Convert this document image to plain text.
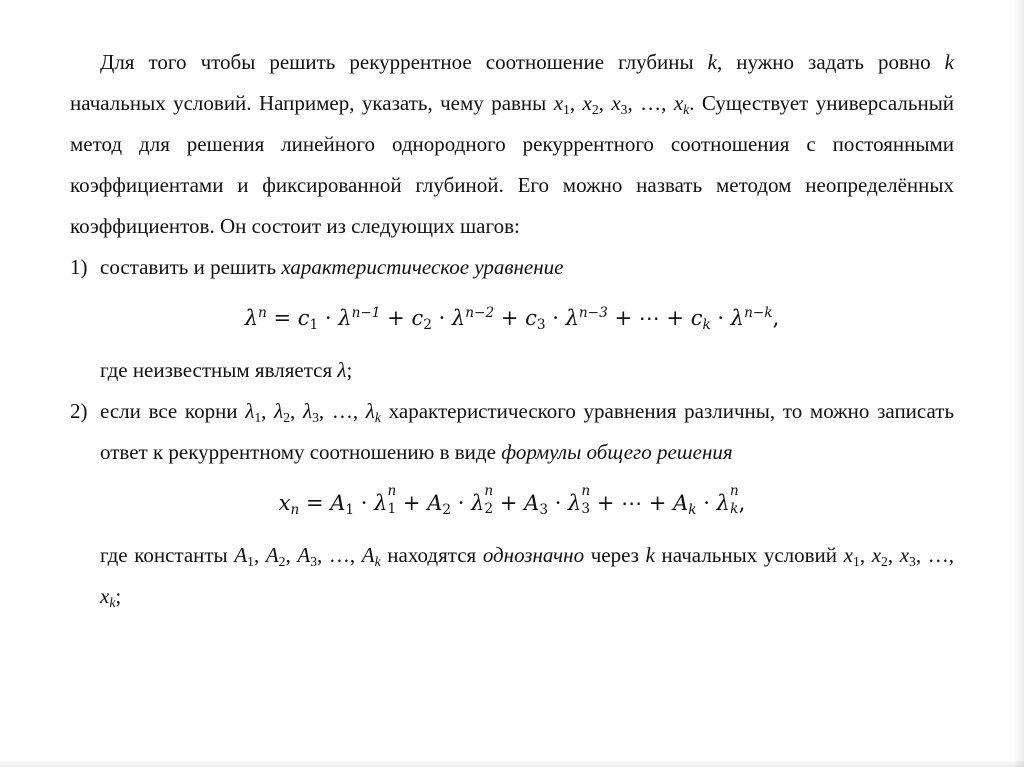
Для того чтобы решить рекуррентное соотношение глубины k, нужно задать ровно k начальных условий. Например, указать, чему равны $x_1$, $x_2$, $x_3$, …, $x_k$. Существует универсальный метод для решения линейного однородного рекуррентного соотношения с постоянными коэффициентами и фиксированной глубиной. Его можно назвать методом неопределённых коэффициентов. Он состоит из следующих шагов:

1) составить и решить характеристическое уравнение
$\lambda^n = c_1 \cdot \lambda^{n-1} + c_2 \cdot \lambda^{n-2} + c_3 \cdot \lambda^{n-3}$ + ⋯ + $c_k \cdot \lambda^{n-k}$,

где неизвестным является λ;

2) если все корни $\lambda_1$, $\lambda_2$, $\lambda_3$, …, $\lambda_k$ характеристического уравнения различны, то можно записать ответ к рекуррентному соотношению в виде формулы общего решения
$x_n = A_1 \cdot \lambda$
n
$1 + A_2 \cdot \lambda$
n
$2 + A_3 \cdot \lambda$
n
3 + ⋯ + $A_k \cdot \lambda$
n
k ,

где константы $A_1$, $A_2$, $A_3$, …, $A_k$ находятся однозначно через k начальных условий $x_1$, $x_2$, $x_3$, …, $x_k$;
